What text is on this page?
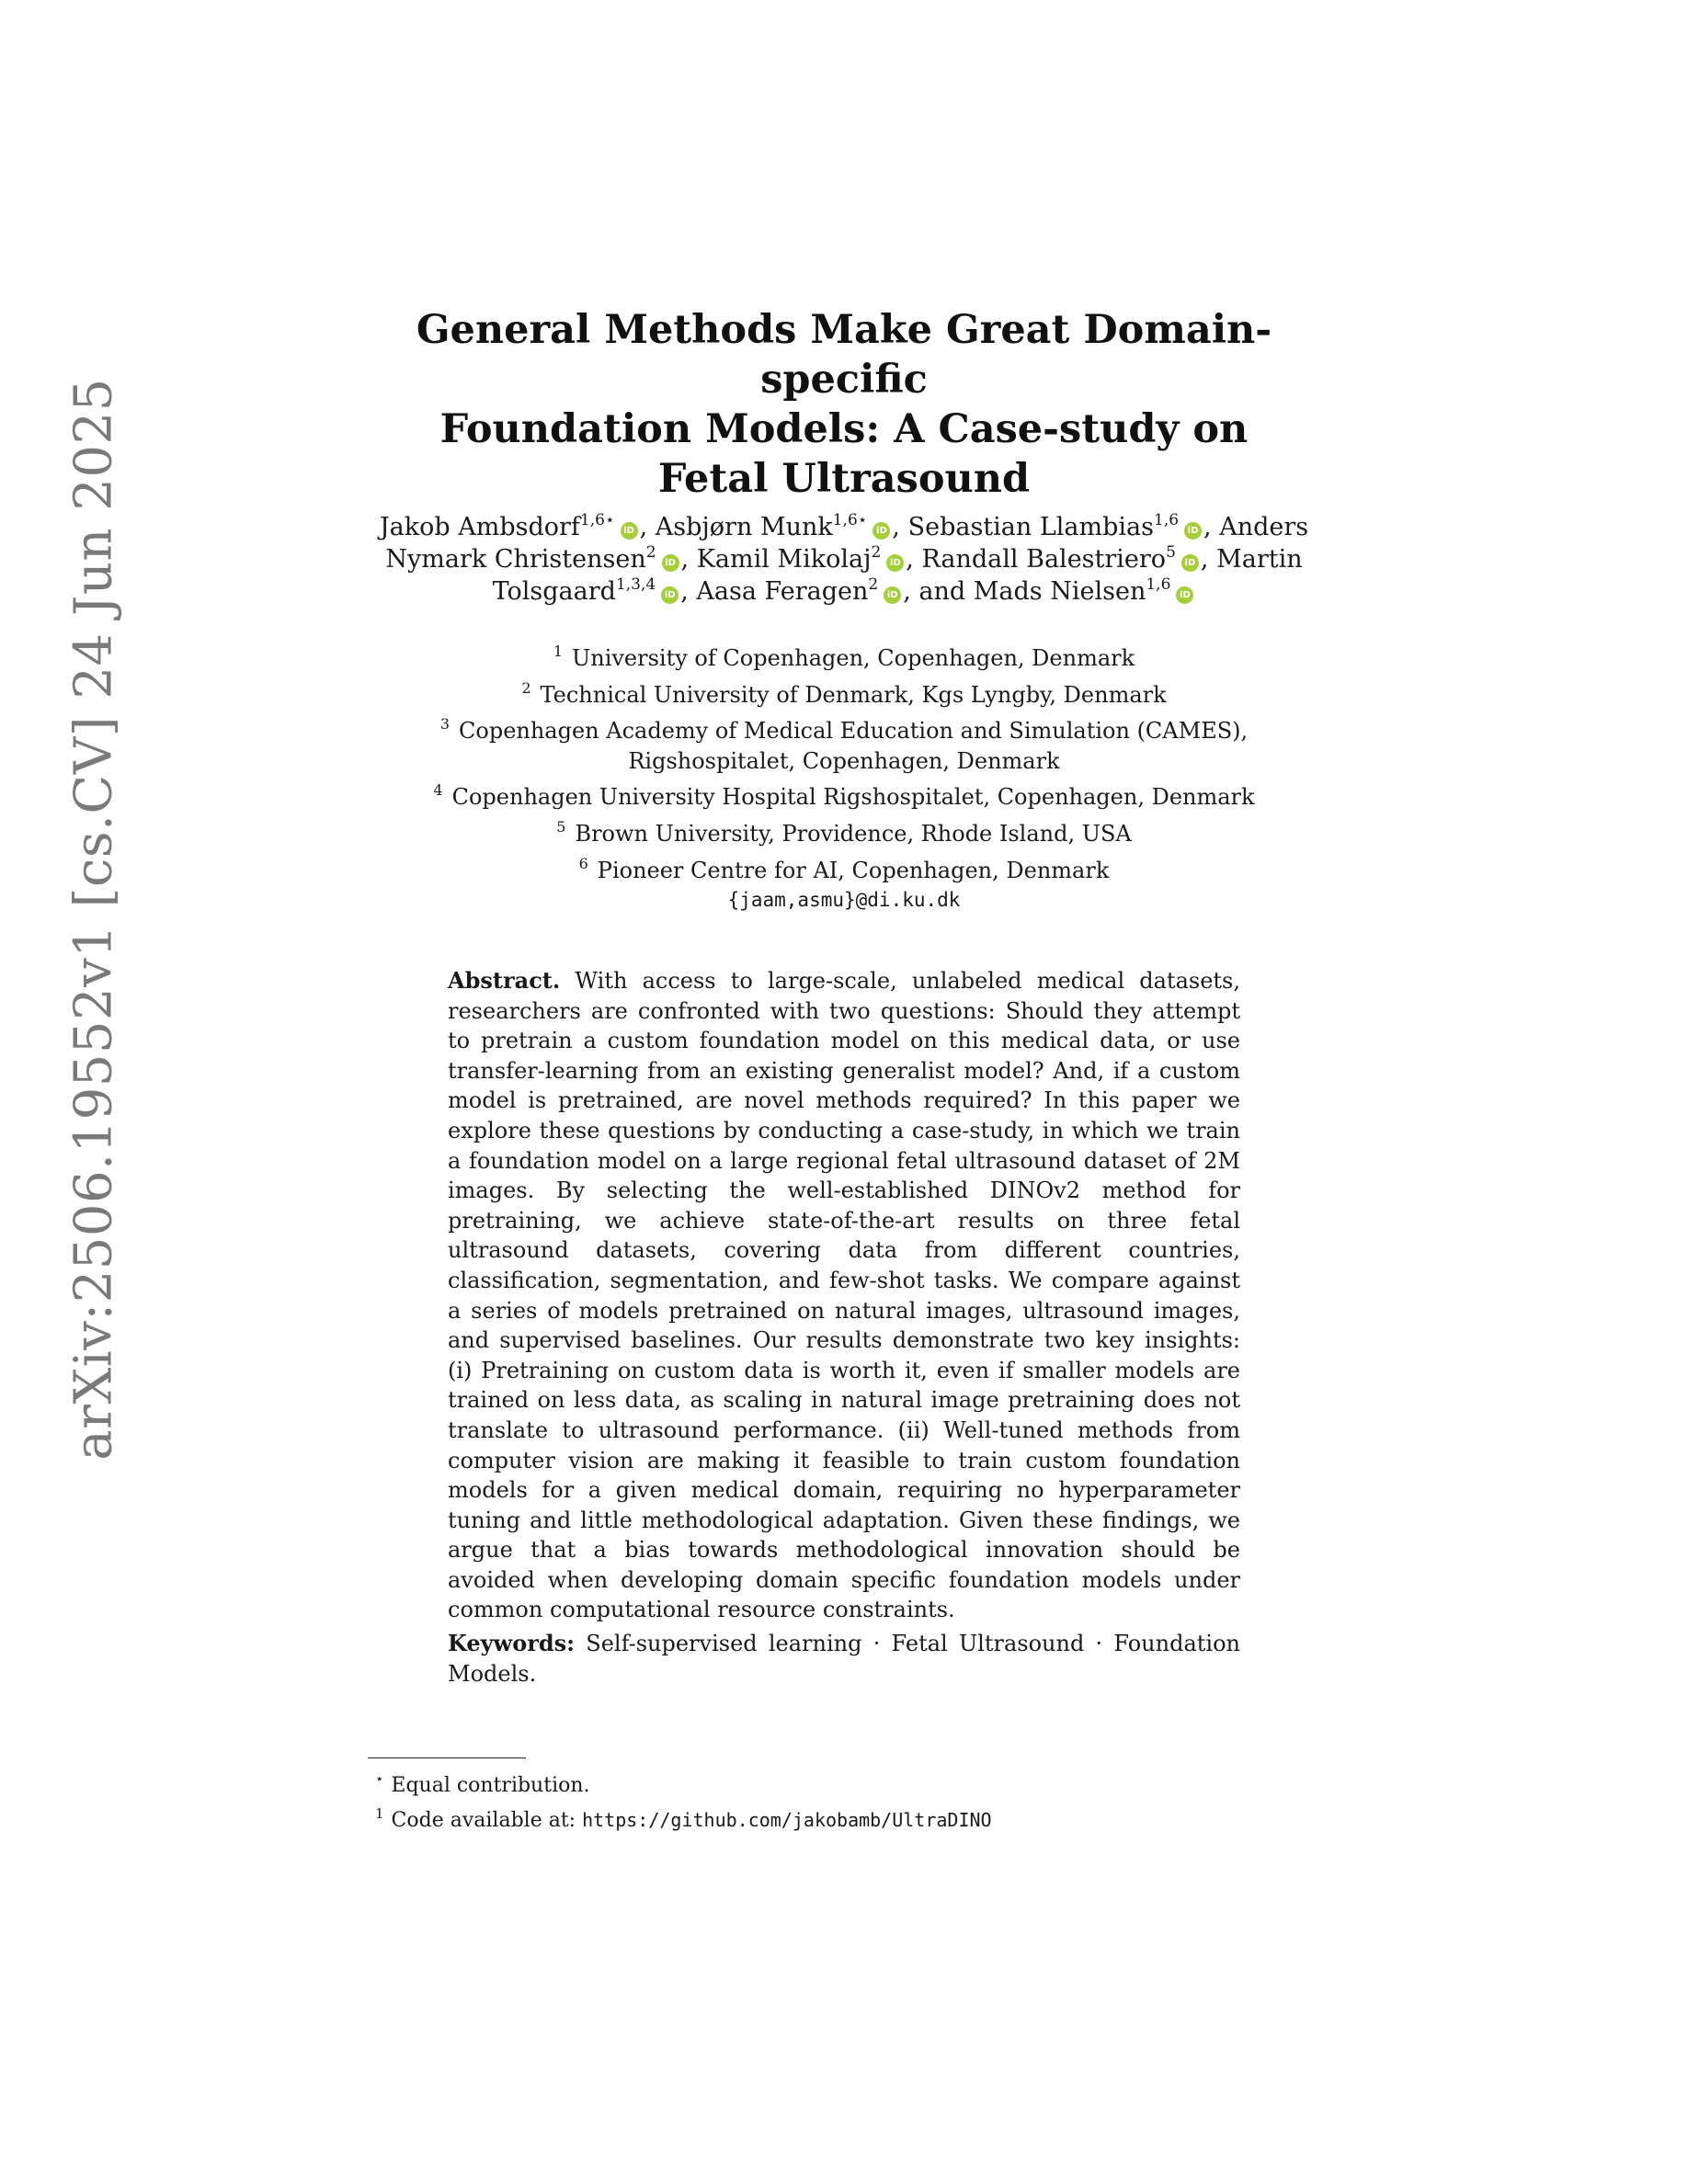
arXiv:2506.19552v1 [cs.CV] 24 Jun 2025
General Methods Make Great Domain-specific
Foundation Models: A Case-study on
Fetal Ultrasound
Jakob Ambsdorf$^{1,6⋆}$iD , Asbjørn Munk$^{1,6⋆}$iD , Sebastian Llambias$^{1,6}$iD , Anders
Nymark Christensen$^2$iD , Kamil Mikolaj$^2$iD , Randall Balestriero$^5$iD , Martin
Tolsgaard$^{1,3,4}$iD , Aasa Feragen$^2$iD , and Mads Nielsen$^{1,6}$iD
$^1$ University of Copenhagen, Copenhagen, Denmark
$^2$ Technical University of Denmark, Kgs Lyngby, Denmark
$^3$ Copenhagen Academy of Medical Education and Simulation (CAMES),
Rigshospitalet, Copenhagen, Denmark
$^4$ Copenhagen University Hospital Rigshospitalet, Copenhagen, Denmark
$^5$ Brown University, Providence, Rhode Island, USA
$^6$ Pioneer Centre for AI, Copenhagen, Denmark
{jaam,asmu}@di.ku.dk
Abstract. With access to large-scale, unlabeled medical datasets, researchers are confronted with two questions: Should they attempt to pretrain a custom foundation model on this medical data, or use transfer-learning from an existing generalist model? And, if a custom model is pretrained, are novel methods required? In this paper we explore these questions by conducting a case-study, in which we train a foundation model on a large regional fetal ultrasound dataset of 2M images. By selecting the well-established DINOv2 method for pretraining, we achieve state-of-the-art results on three fetal ultrasound datasets, covering data from different countries, classification, segmentation, and few-shot tasks. We compare against a series of models pretrained on natural images, ultrasound images, and supervised baselines. Our results demonstrate two key insights: (i) Pretraining on custom data is worth it, even if smaller models are trained on less data, as scaling in natural image pretraining does not translate to ultrasound performance. (ii) Well-tuned methods from computer vision are making it feasible to train custom foundation models for a given medical domain, requiring no hyperparameter tuning and little methodological adaptation. Given these findings, we argue that a bias towards methodological innovation should be avoided when developing domain specific foundation models under common computational resource constraints.
Keywords: Self-supervised learning · Fetal Ultrasound · Foundation Models.
⋆ Equal contribution.
$^1$ Code available at: https://github.com/jakobamb/UltraDINO
